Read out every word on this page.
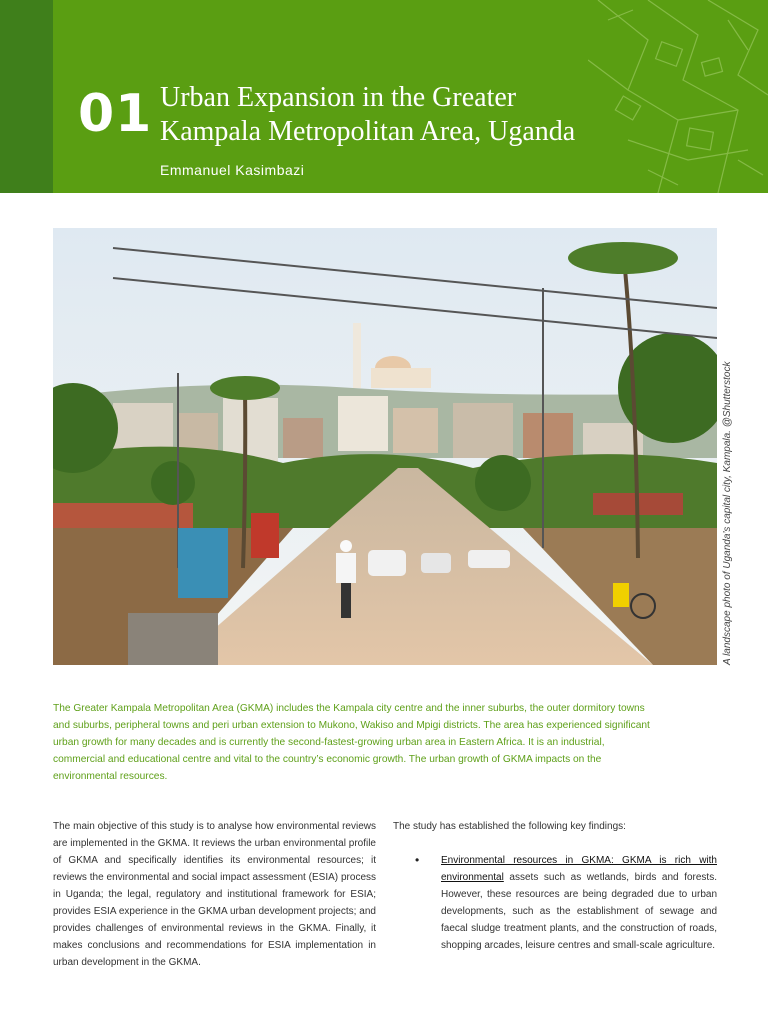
01 Urban Expansion in the Greater
Kampala Metropolitan Area, Uganda
Emmanuel Kasimbazi
A landscape photo of Uganda’s capital city, Kampala. @Shutterstock
The Greater Kampala Metropolitan Area (GKMA) includes the Kampala city centre and the inner suburbs, the outer dormitory towns and suburbs, peripheral towns and peri urban extension to Mukono, Wakiso and Mpigi districts. The area has experienced significant urban growth for many decades and is currently the second-fastest-growing urban area in Eastern Africa. It is an industrial, commercial and educational centre and vital to the country’s economic growth. The urban growth of GKMA impacts on the environmental resources.

The main objective of this study is to analyse how environmental reviews are implemented in the GKMA. It reviews the urban environmental profile of GKMA and specifically identifies its environmental resources; it reviews the environmental and social impact assessment (ESIA) process in Uganda; the legal, regulatory and institutional framework for ESIA; provides ESIA experience in the GKMA urban development projects; and provides challenges of environmental reviews in the GKMA. Finally, it makes conclusions and recommendations for ESIA implementation in urban development in the GKMA.

The study has established the following key findings:

• Environmental resources in GKMA: GKMA is rich with environmental assets such as wetlands, birds and forests. However, these resources are being degraded due to urban developments, such as the establishment of sewage and faecal sludge treatment plants, and the construction of roads, shopping arcades, leisure centres and small-scale agriculture.
